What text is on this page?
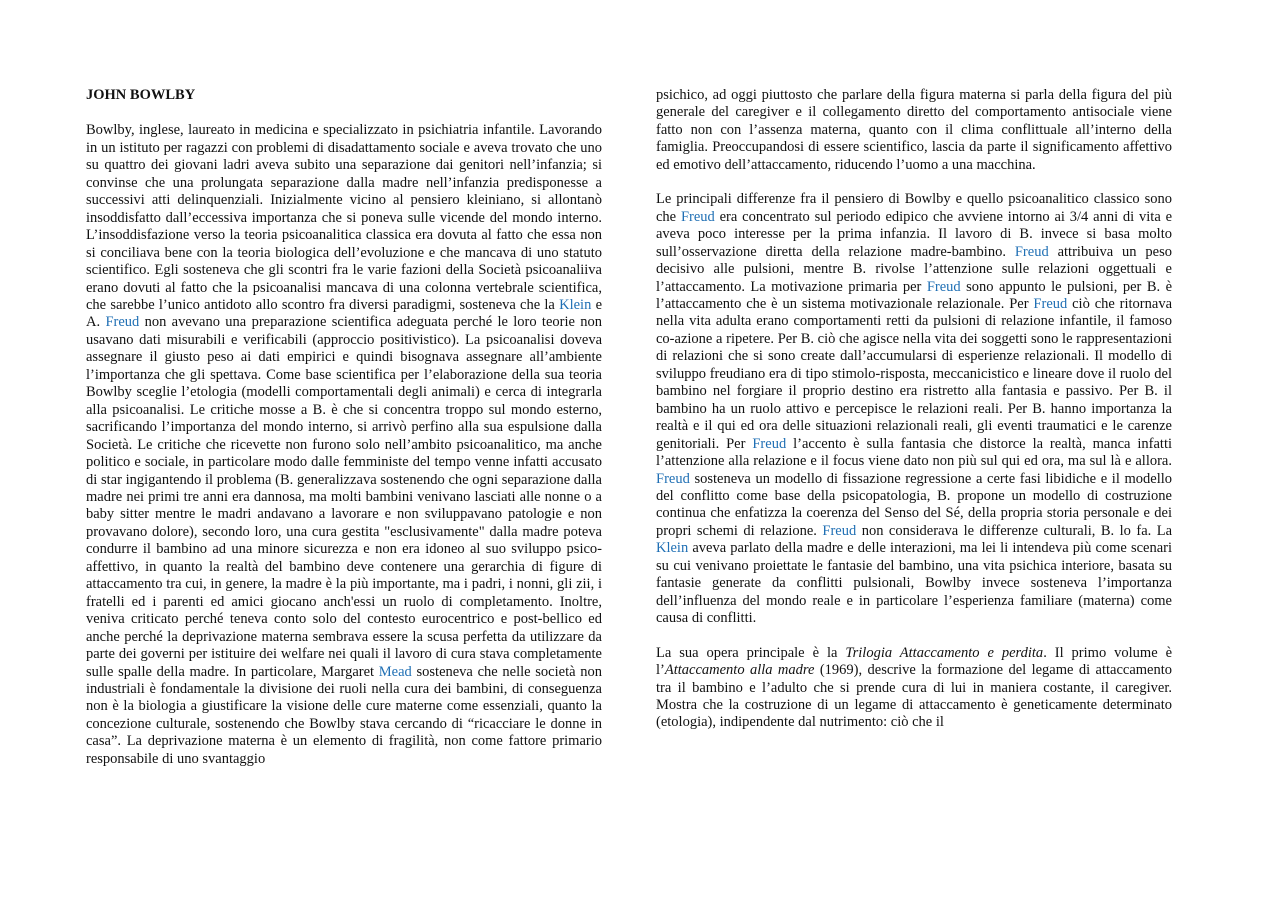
JOHN BOWLBY

Bowlby, inglese, laureato in medicina e specializzato in psichiatria infantile. Lavorando in un istituto per ragazzi con problemi di disadattamento sociale e aveva trovato che uno su quattro dei giovani ladri aveva subito una separazione dai genitori nell’infanzia; si convinse che una prolungata separazione dalla madre nell’infanzia predisponesse a successivi atti delinquenziali. Inizialmente vicino al pensiero kleiniano, si allontanò insoddisfatto dall’eccessiva importanza che si poneva sulle vicende del mondo interno. L’insoddisfazione verso la teoria psicoanalitica classica era dovuta al fatto che essa non si conciliava bene con la teoria biologica dell’evoluzione e che mancava di uno statuto scientifico. Egli sosteneva che gli scontri fra le varie fazioni della Società psicoanaliiva erano dovuti al fatto che la psicoanalisi mancava di una colonna vertebrale scientifica, che sarebbe l’unico antidoto allo scontro fra diversi paradigmi, sosteneva che la Klein e A. Freud non avevano una preparazione scientifica adeguata perché le loro teorie non usavano dati misurabili e verificabili (approccio positivistico). La psicoanalisi doveva assegnare il giusto peso ai dati empirici e quindi bisognava assegnare all’ambiente l’importanza che gli spettava. Come base scientifica per l’elaborazione della sua teoria Bowlby sceglie l’etologia (modelli comportamentali degli animali) e cerca di integrarla alla psicoanalisi. Le critiche mosse a B. è che si concentra troppo sul mondo esterno, sacrificando l’importanza del mondo interno, si arrivò perfino alla sua espulsione dalla Società. Le critiche che ricevette non furono solo nell’ambito psicoanalitico, ma anche politico e sociale, in particolare modo dalle femministe del tempo venne infatti accusato di star ingigantendo il problema (B. generalizzava sostenendo che ogni separazione dalla madre nei primi tre anni era dannosa, ma molti bambini venivano lasciati alle nonne o a baby sitter mentre le madri andavano a lavorare e non sviluppavano patologie e non provavano dolore), secondo loro, una cura gestita "esclusivamente" dalla madre poteva condurre il bambino ad una minore sicurezza e non era idoneo al suo sviluppo psico-affettivo, in quanto la realtà del bambino deve contenere una gerarchia di figure di attaccamento tra cui, in genere, la madre è la più importante, ma i padri, i nonni, gli zii, i fratelli ed i parenti ed amici giocano anch'essi un ruolo di completamento. Inoltre, veniva criticato perché teneva conto solo del contesto eurocentrico e post-bellico ed anche perché la deprivazione materna sembrava essere la scusa perfetta da utilizzare da parte dei governi per istituire dei welfare nei quali il lavoro di cura stava completamente sulle spalle della madre. In particolare, Margaret Mead sosteneva che nelle società non industriali è fondamentale la divisione dei ruoli nella cura dei bambini, di conseguenza non è la biologia a giustificare la visione delle cure materne come essenziali, quanto la concezione culturale, sostenendo che Bowlby stava cercando di “ricacciare le donne in casa”. La deprivazione materna è un elemento di fragilità, non come fattore primario responsabile di uno svantaggio

psichico, ad oggi piuttosto che parlare della figura materna si parla della figura del più generale del caregiver e il collegamento diretto del comportamento antisociale viene fatto non con l’assenza materna, quanto con il clima conflittuale all’interno della famiglia. Preoccupandosi di essere scientifico, lascia da parte il significamento affettivo ed emotivo dell’attaccamento, riducendo l’uomo a una macchina.

Le principali differenze fra il pensiero di Bowlby e quello psicoanalitico classico sono che Freud era concentrato sul periodo edipico che avviene intorno ai 3/4 anni di vita e aveva poco interesse per la prima infanzia. Il lavoro di B. invece si basa molto sull’osservazione diretta della relazione madre-bambino. Freud attribuiva un peso decisivo alle pulsioni, mentre B. rivolse l’attenzione sulle relazioni oggettuali e l’attaccamento. La motivazione primaria per Freud sono appunto le pulsioni, per B. è l’attaccamento che è un sistema motivazionale relazionale. Per Freud ciò che ritornava nella vita adulta erano comportamenti retti da pulsioni di relazione infantile, il famoso co-azione a ripetere. Per B. ciò che agisce nella vita dei soggetti sono le rappresentazioni di relazioni che si sono create dall’accumularsi di esperienze relazionali. Il modello di sviluppo freudiano era di tipo stimolo-risposta, meccanicistico e lineare dove il ruolo del bambino nel forgiare il proprio destino era ristretto alla fantasia e passivo. Per B. il bambino ha un ruolo attivo e percepisce le relazioni reali. Per B. hanno importanza la realtà e il qui ed ora delle situazioni relazionali reali, gli eventi traumatici e le carenze genitoriali. Per Freud l’accento è sulla fantasia che distorce la realtà, manca infatti l’attenzione alla relazione e il focus viene dato non più sul qui ed ora, ma sul là e allora. Freud sosteneva un modello di fissazione regressione a certe fasi libidiche e il modello del conflitto come base della psicopatologia, B. propone un modello di costruzione continua che enfatizza la coerenza del Senso del Sé, della propria storia personale e dei propri schemi di relazione. Freud non considerava le differenze culturali, B. lo fa. La Klein aveva parlato della madre e delle interazioni, ma lei li intendeva più come scenari su cui venivano proiettate le fantasie del bambino, una vita psichica interiore, basata su fantasie generate da conflitti pulsionali, Bowlby invece sosteneva l’importanza dell’influenza del mondo reale e in particolare l’esperienza familiare (materna) come causa di conflitti.

La sua opera principale è la Trilogia Attaccamento e perdita. Il primo volume è l’Attaccamento alla madre (1969), descrive la formazione del legame di attaccamento tra il bambino e l’adulto che si prende cura di lui in maniera costante, il caregiver. Mostra che la costruzione di un legame di attaccamento è geneticamente determinato (etologia), indipendente dal nutrimento: ciò che il
